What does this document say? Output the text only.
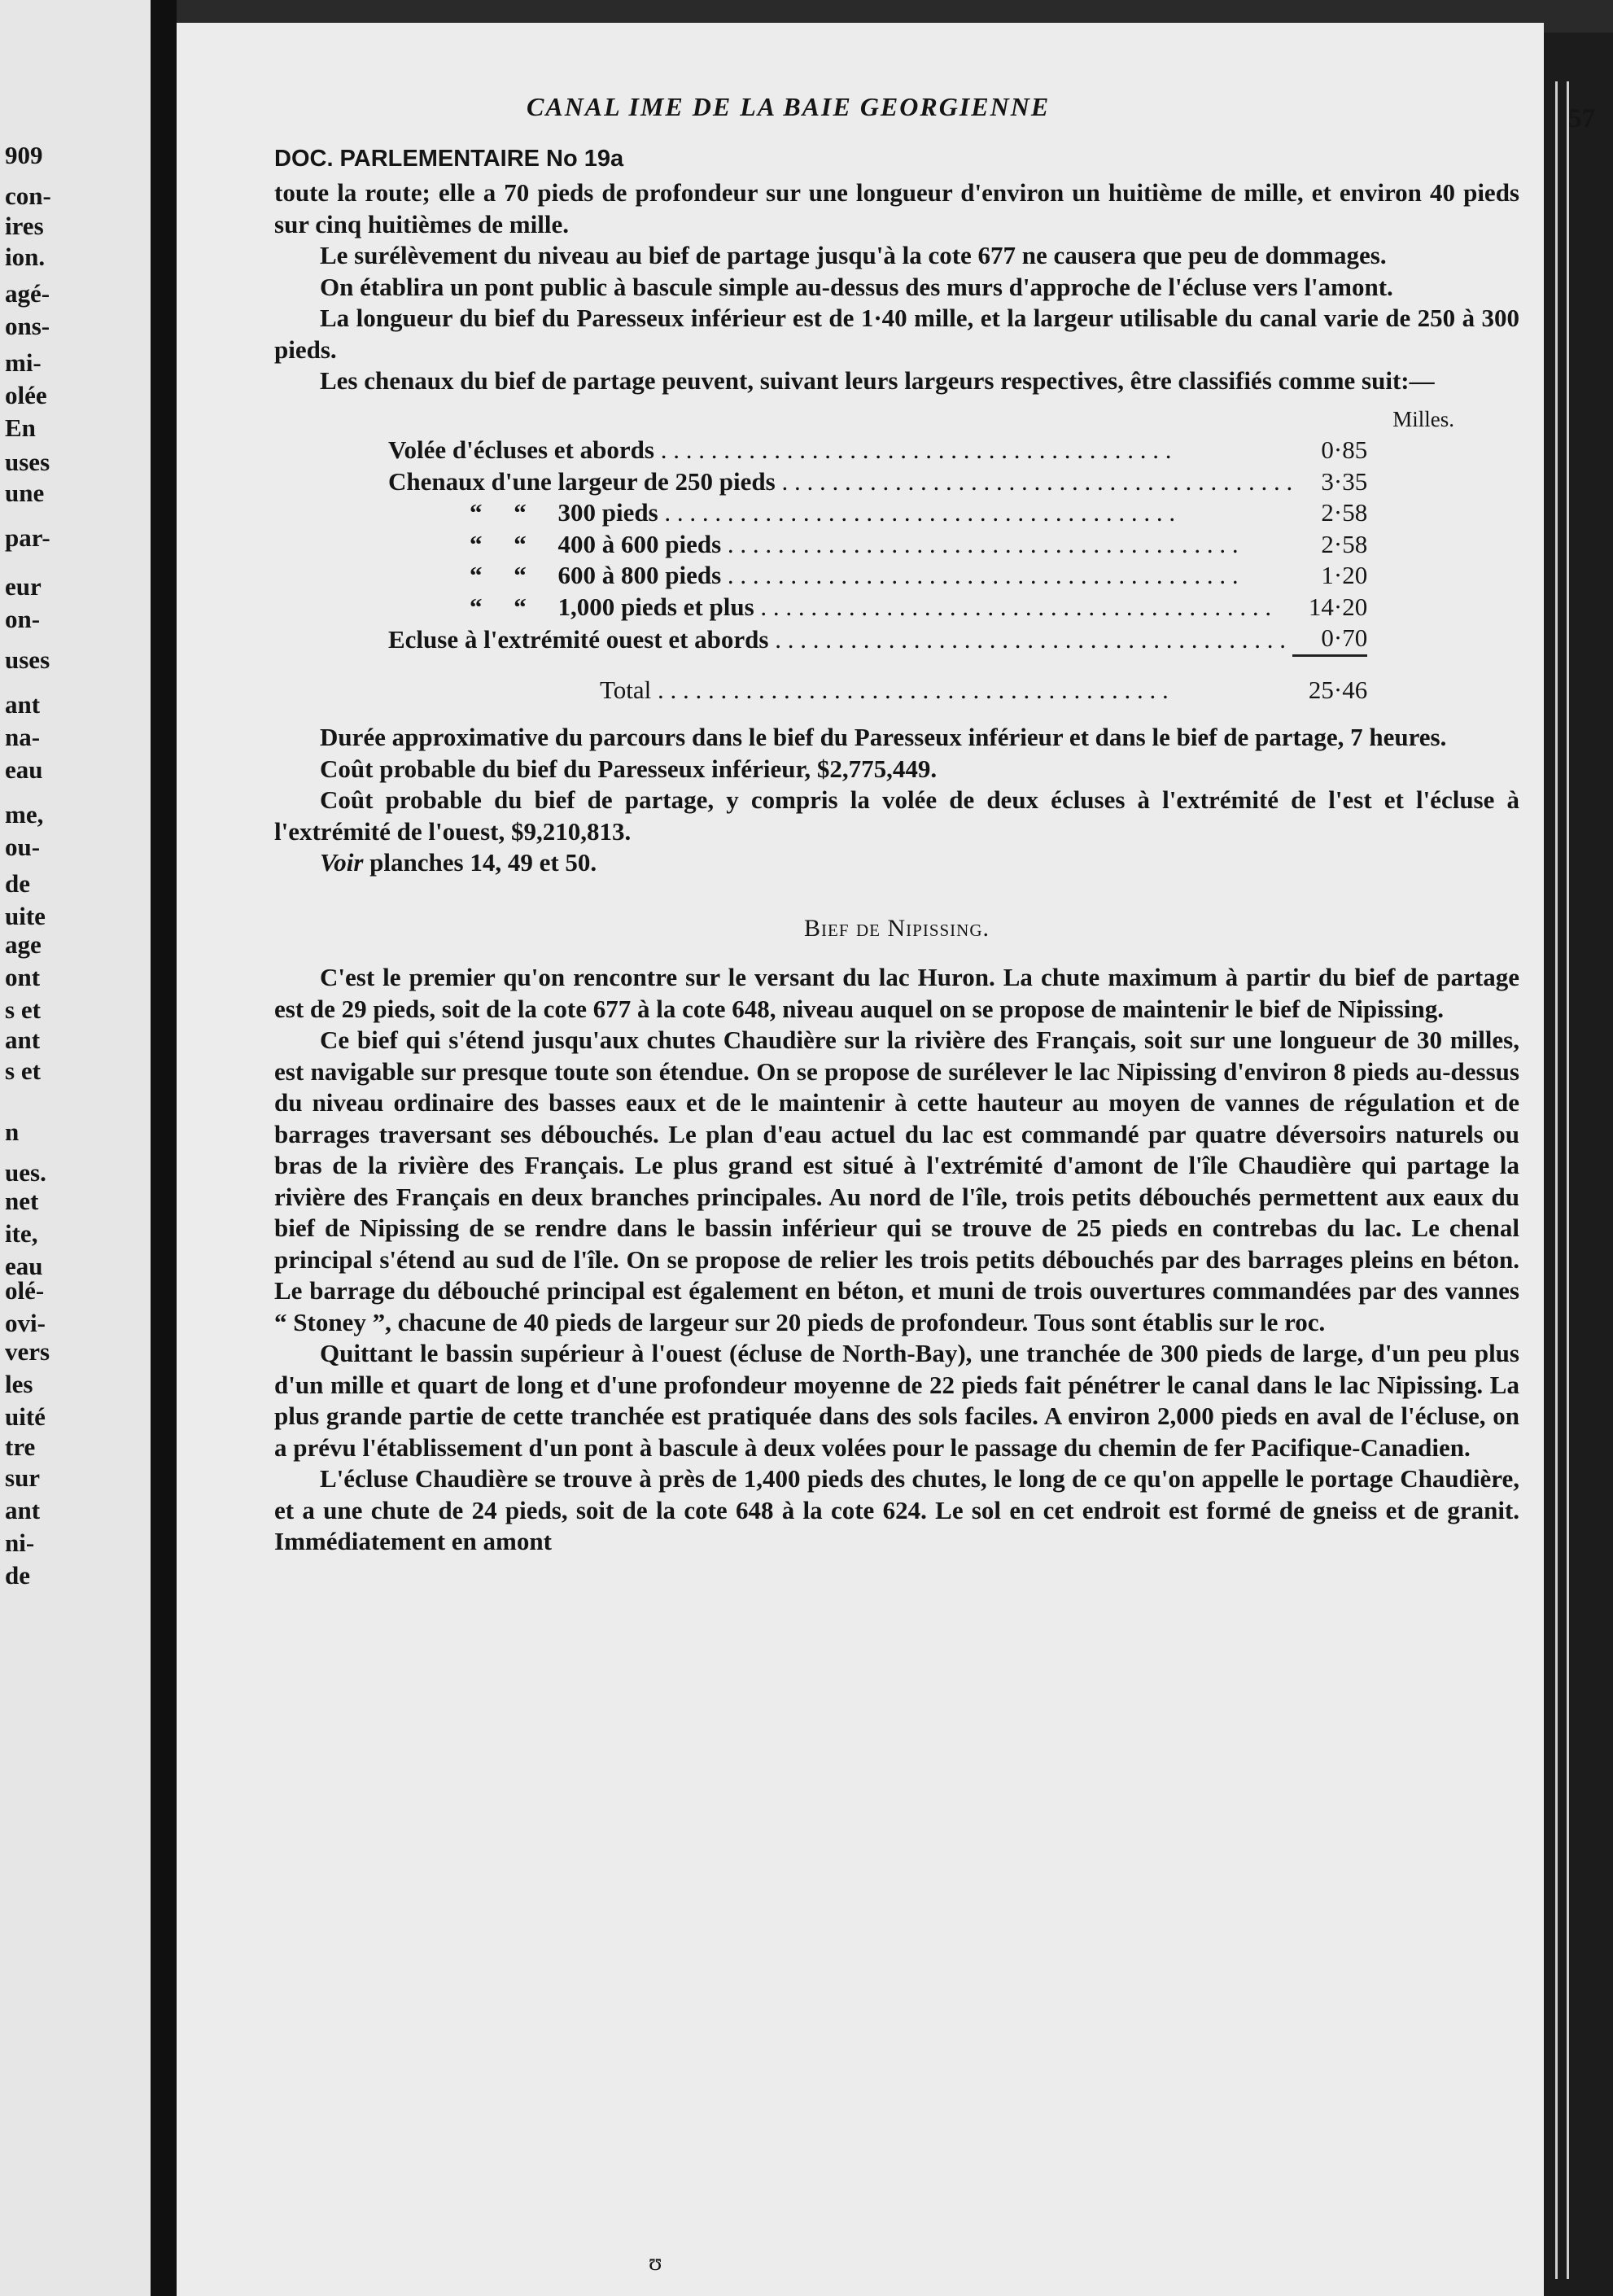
909
con-
ires
ion.
agé-
ons-
mi-
olée
En
uses
une
par-
eur
on-
uses
ant
na-
eau
me,
ou-
de
uite
age
ont
s et
ant
s et
n
ues.
net
ite,
eau
olé-
ovi-
vers
les
uité
tre
sur
ant
ni-
de
CANAL IME DE LA BAIE GEORGIENNE	57
DOC. PARLEMENTAIRE No 19a

toute la route; elle a 70 pieds de profondeur sur une longueur d'environ un huitième de mille, et environ 40 pieds sur cinq huitièmes de mille.

Le surélèvement du niveau au bief de partage jusqu'à la cote 677 ne causera que peu de dommages.

On établira un pont public à bascule simple au-dessus des murs d'approche de l'écluse vers l'amont.

La longueur du bief du Paresseux inférieur est de 1·40 mille, et la largeur utilisable du canal varie de 250 à 300 pieds.

Les chenaux du bief de partage peuvent, suivant leurs largeurs respectives, être classifiés comme suit:—

Milles.
Volée d'écluses et abords . . .	0·85
Chenaux d'une largeur de 250 pieds . . .	3·35
“     “     300 pieds . . .	2·58
“     “     400 à 600 pieds . . .	2·58
“     “     600 à 800 pieds . . .	1·20
“     “     1,000 pieds et plus . . .	14·20
Ecluse à l'extrémité ouest et abords . . .	0·70
Total . . .	25·46

Durée approximative du parcours dans le bief du Paresseux inférieur et dans le bief de partage, 7 heures.

Coût probable du bief du Paresseux inférieur, $2,775,449.

Coût probable du bief de partage, y compris la volée de deux écluses à l'extrémité de l'est et l'écluse à l'extrémité de l'ouest, $9,210,813.

Voir planches 14, 49 et 50.

Bief de Nipissing.

C'est le premier qu'on rencontre sur le versant du lac Huron. La chute maximum à partir du bief de partage est de 29 pieds, soit de la cote 677 à la cote 648, niveau auquel on se propose de maintenir le bief de Nipissing.

Ce bief qui s'étend jusqu'aux chutes Chaudière sur la rivière des Français, soit sur une longueur de 30 milles, est navigable sur presque toute son étendue. On se propose de surélever le lac Nipissing d'environ 8 pieds au-dessus du niveau ordinaire des basses eaux et de le maintenir à cette hauteur au moyen de vannes de régulation et de barrages traversant ses débouchés. Le plan d'eau actuel du lac est commandé par quatre déversoirs naturels ou bras de la rivière des Français. Le plus grand est situé à l'extrémité d'amont de l'île Chaudière qui partage la rivière des Français en deux branches principales. Au nord de l'île, trois petits débouchés permettent aux eaux du bief de Nipissing de se rendre dans le bassin inférieur qui se trouve de 25 pieds en contrebas du lac. Le chenal principal s'étend au sud de l'île. On se propose de relier les trois petits débouchés par des barrages pleins en béton. Le barrage du débouché principal est également en béton, et muni de trois ouvertures commandées par des vannes “ Stoney ”, chacune de 40 pieds de largeur sur 20 pieds de profondeur. Tous sont établis sur le roc.

Quittant le bassin supérieur à l'ouest (écluse de North-Bay), une tranchée de 300 pieds de large, d'un peu plus d'un mille et quart de long et d'une profondeur moyenne de 22 pieds fait pénétrer le canal dans le lac Nipissing. La plus grande partie de cette tranchée est pratiquée dans des sols faciles. A environ 2,000 pieds en aval de l'écluse, on a prévu l'établissement d'un pont à bascule à deux volées pour le passage du chemin de fer Pacifique-Canadien.

L'écluse Chaudière se trouve à près de 1,400 pieds des chutes, le long de ce qu'on appelle le portage Chaudière, et a une chute de 24 pieds, soit de la cote 648 à la cote 624. Le sol en cet endroit est formé de gneiss et de granit. Immédiatement en amont

ʊ
